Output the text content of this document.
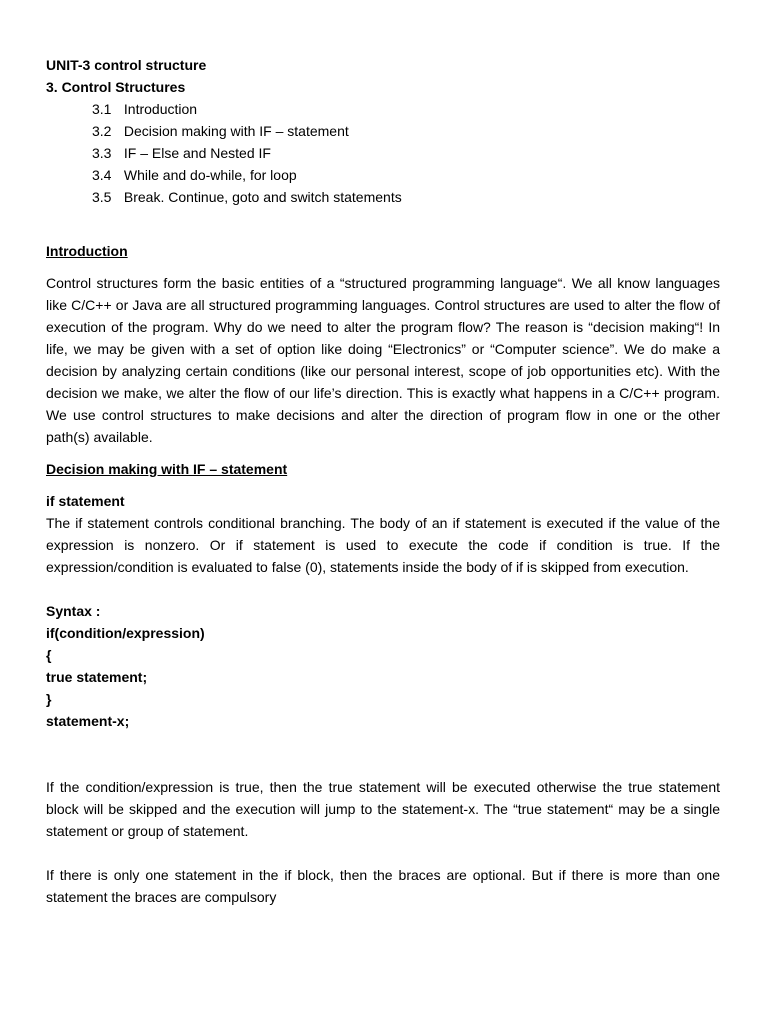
UNIT-3 control structure
3. Control Structures
3.1 Introduction
3.2 Decision making with IF – statement
3.3 IF – Else and Nested IF
3.4 While and do-while, for loop
3.5 Break. Continue, goto and switch statements
Introduction
Control structures form the basic entities of a “structured programming language“. We all know languages like C/C++ or Java are all structured programming languages. Control structures are used to alter the flow of execution of the program. Why do we need to alter the program flow? The reason is “decision making“! In life, we may be given with a set of option like doing “Electronics” or “Computer science”. We do make a decision by analyzing certain conditions (like our personal interest, scope of job opportunities etc). With the decision we make, we alter the flow of our life’s direction. This is exactly what happens in a C/C++ program. We use control structures to make decisions and alter the direction of program flow in one or the other path(s) available.
Decision making with IF – statement
if statement
The if statement controls conditional branching. The body of an if statement is executed if the value of the expression is nonzero. Or if statement is used to execute the code if condition is true. If the expression/condition is evaluated to false (0), statements inside the body of if is skipped from execution.
Syntax :
if(condition/expression)
{
true statement;
}
statement-x;
If the condition/expression is true, then the true statement will be executed otherwise the true statement block will be skipped and the execution will jump to the statement-x. The “true statement“ may be a single statement or group of statement.
If there is only one statement in the if block, then the braces are optional. But if there is more than one statement the braces are compulsory
